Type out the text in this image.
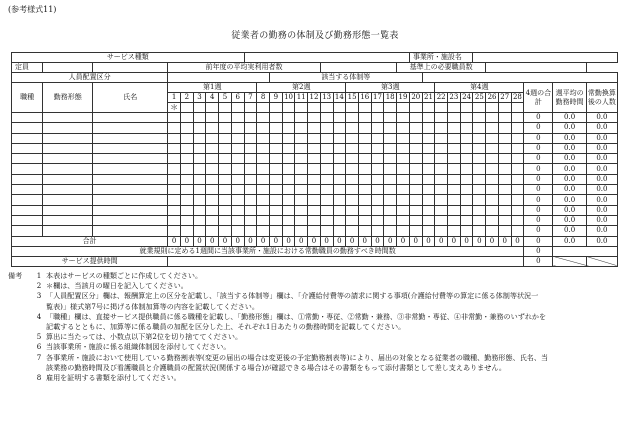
(参考様式11)
従業者の勤務の体制及び勤務形態一覧表
サービス種類																						事業所・施設名											
定員			前年度の平均実利用者数																		基準上の必要職員数												
人員配置区分											該当する体制等																						
職種	勤務形態	氏名	第1週							第2週							第3週							第4週							4週の合計	週平均の勤務時間	常勤換算後の人数
			1	2	3	4	5	6	7	8	9	10	11	12	13	14	15	16	17	18	19	20	21	22	23	24	25	26	27	28			
			＊																														
																															0	0.0	0.0
																															0	0.0	0.0
																															0	0.0	0.0
																															0	0.0	0.0
																															0	0.0	0.0
																															0	0.0	0.0
																															0	0.0	0.0
																															0	0.0	0.0
																															0	0.0	0.0
																															0	0.0	0.0
																															0	0.0	0.0
																															0	0.0	0.0
合計			0	0	0	0	0	0	0	0	0	0	0	0	0	0	0	0	0	0	0	0	0	0	0	0	0	0	0	0	0	0.0	0.0
就業規則に定める1週間に当該事業所・施設における常勤職員の勤務すべき時間数																															0		
サービス提供時間																															0		
備考	1 本表はサービスの種類ごとに作成してください。
2 ＊欄は、当該月の曜日を記入してください。
3 「人員配置区分」欄は、報酬算定上の区分を記載し、「該当する体制等」欄は、「介護給付費等の請求に関する事項(介護給付費等の算定に係る体制等状況一
覧表)」様式第7号に掲げる体制加算等の内容を記載してください。
4 「職種」欄は、直接サービス提供職員に係る職種を記載し、「勤務形態」欄は、①常勤・専従、②常勤・兼務、③非常勤・専従、④非常勤・兼務のいずれかを
記載するとともに、加算等に係る職員の加配を区分した上、それぞれ1日あたりの勤務時間を記載してください。
5 算出に当たっては、小数点以下第2位を切り捨ててください。
6 当該事業所・施設に係る組織体制図を添付してください。
7 各事業所・施設において使用している勤務割表等(変更の届出の場合は変更後の予定勤務割表等)により、届出の対象となる従業者の職種、勤務形態、氏名、当
該業務の勤務時間及び看護職員と介護職員の配置状況(関係する場合)が確認できる場合はその書類をもって添付書類として差し支えありません。
8 雇用を証明する書類を添付してください。
